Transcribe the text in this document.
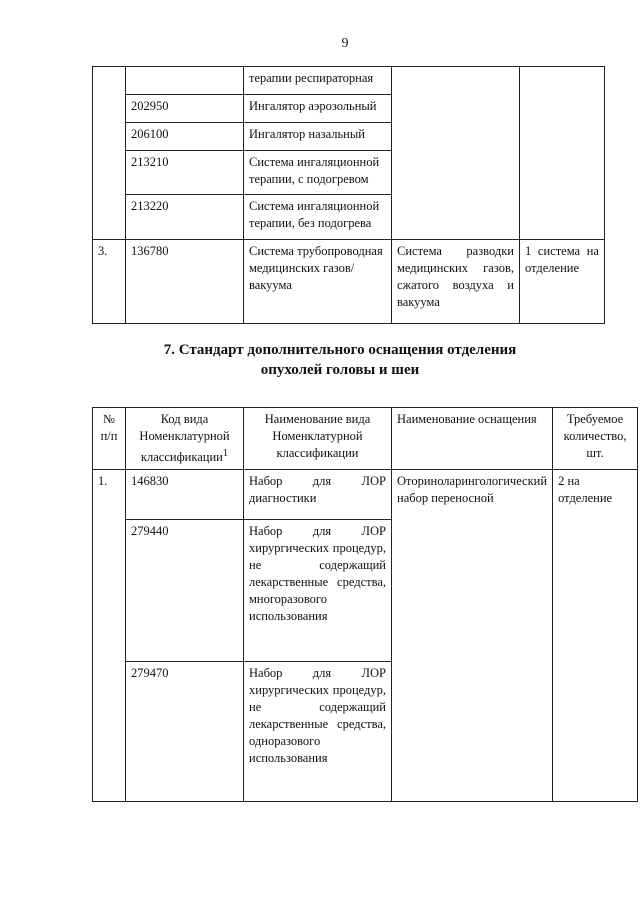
9
		терапии респираторная		
	202950	Ингалятор аэрозольный		
	206100	Ингалятор назальный		
	213210	Система ингаляционной терапии, с подогревом		
	213220	Система ингаляционной терапии, без подогрева		
3.	136780	Система трубопроводная медицинских газов/вакуума	Система разводки медицинских газов, сжатого воздуха и вакуума	1 система на отделение
7. Стандарт дополнительного оснащения отделения
опухолей головы и шеи
№ п/п	Код вида Номенклатурной классификации$^1$	Наименование вида Номенклатурной классификации	Наименование оснащения	Требуемое количество, шт.
1.	146830	Набор для ЛОР диагностики	Оториноларингологический набор переносной	2 на отделение
	279440	Набор для ЛОР хирургических процедур, не содержащий лекарственные средства, многоразового использования		
	279470	Набор для ЛОР хирургических процедур, не содержащий лекарственные средства, одноразового использования		
